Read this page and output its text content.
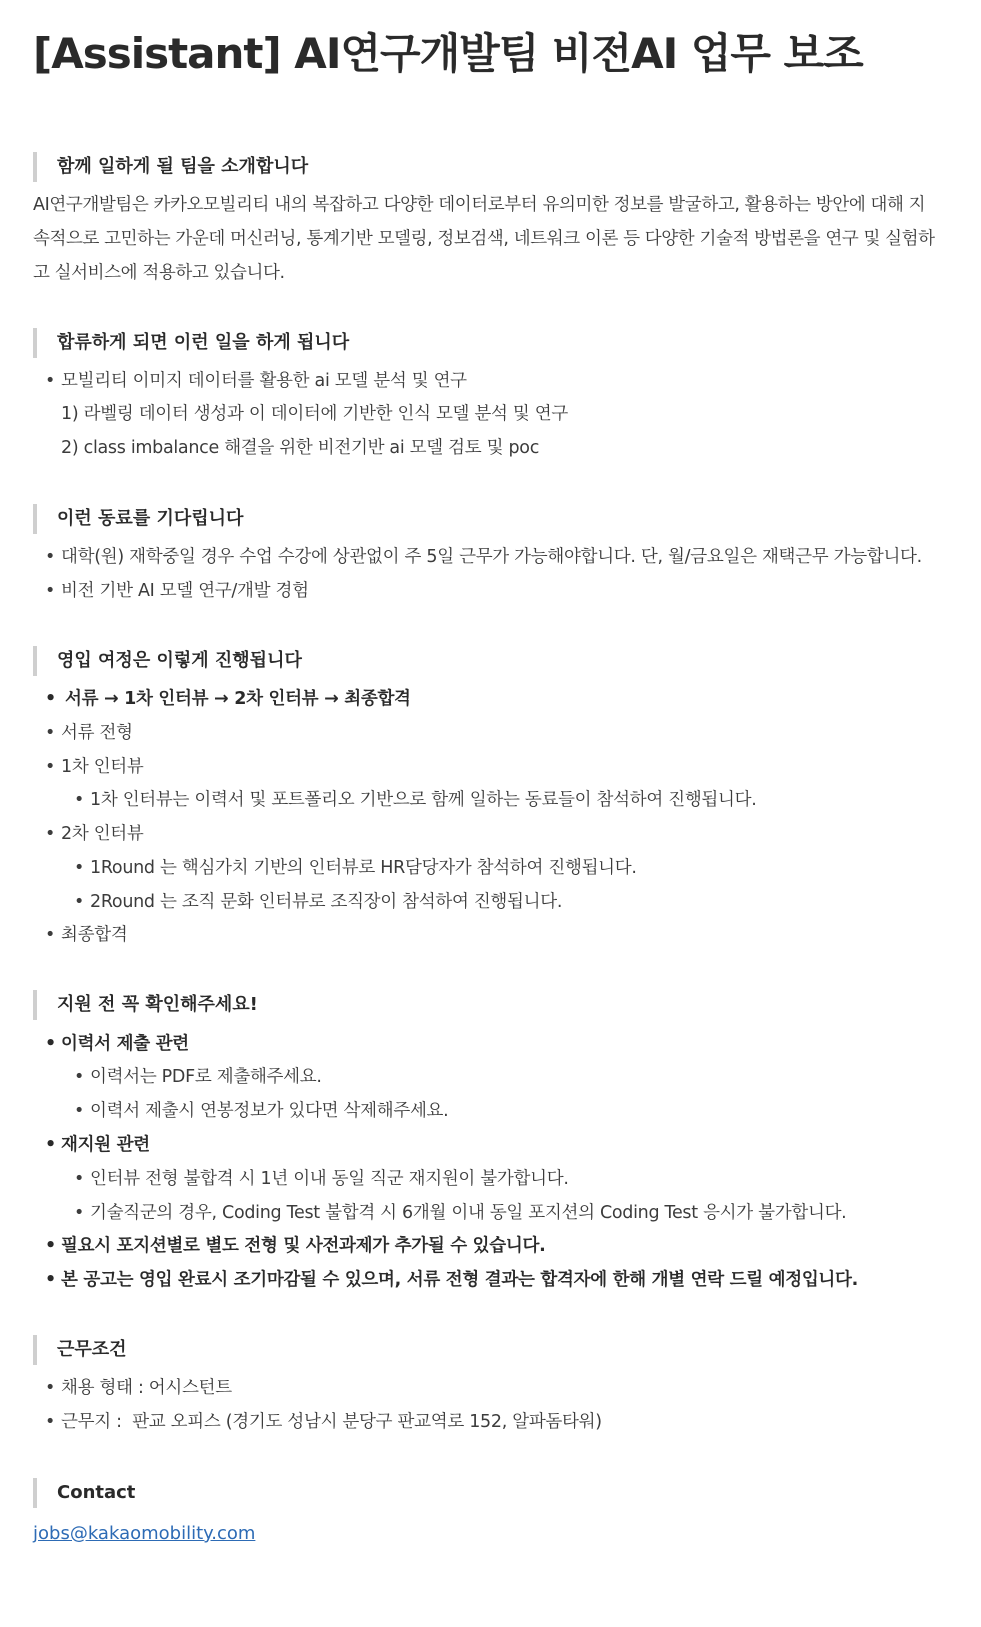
[Assistant] AI연구개발팀 비전AI 업무 보조
함께 일하게 될 팀을 소개합니다

AI연구개발팀은 카카오모빌리티 내의 복잡하고 다양한 데이터로부터 유의미한 정보를 발굴하고, 활용하는 방안에 대해 지

속적으로 고민하는 가운데 머신러닝, 통계기반 모델링, 정보검색, 네트워크 이론 등 다양한 기술적 방법론을 연구 및 실험하

고 실서비스에 적용하고 있습니다.

합류하게 되면 이런 일을 하게 됩니다
• 모빌리티 이미지 데이터를 활용한 ai 모델 분석 및 연구
1) 라벨링 데이터 생성과 이 데이터에 기반한 인식 모델 분석 및 연구
2) class imbalance 해결을 위한 비전기반 ai 모델 검토 및 poc
이런 동료를 기다립니다
• 대학(원) 재학중일 경우 수업 수강에 상관없이 주 5일 근무가 가능해야합니다. 단, 월/금요일은 재택근무 가능합니다.
• 비전 기반 AI 모델 연구/개발 경험
영입 여정은 이렇게 진행됩니다
• 서류 → 1차 인터뷰 → 2차 인터뷰 → 최종합격
• 서류 전형
• 1차 인터뷰
• 1차 인터뷰는 이력서 및 포트폴리오 기반으로 함께 일하는 동료들이 참석하여 진행됩니다.
• 2차 인터뷰
• 1Round 는 핵심가치 기반의 인터뷰로 HR담당자가 참석하여 진행됩니다.
• 2Round 는 조직 문화 인터뷰로 조직장이 참석하여 진행됩니다.
• 최종합격
지원 전 꼭 확인해주세요!
• 이력서 제출 관련
• 이력서는 PDF로 제출해주세요.
• 이력서 제출시 연봉정보가 있다면 삭제해주세요.
• 재지원 관련
• 인터뷰 전형 불합격 시 1년 이내 동일 직군 재지원이 불가합니다.
• 기술직군의 경우, Coding Test 불합격 시 6개월 이내 동일 포지션의 Coding Test 응시가 불가합니다.
• 필요시 포지션별로 별도 전형 및 사전과제가 추가될 수 있습니다.
• 본 공고는 영입 완료시 조기마감될 수 있으며, 서류 전형 결과는 합격자에 한해 개별 연락 드릴 예정입니다.
근무조건
• 채용 형태 : 어시스턴트
• 근무지 :  판교 오피스 (경기도 성남시 분당구 판교역로 152, 알파돔타워)
Contact
jobs@kakaomobility.com
